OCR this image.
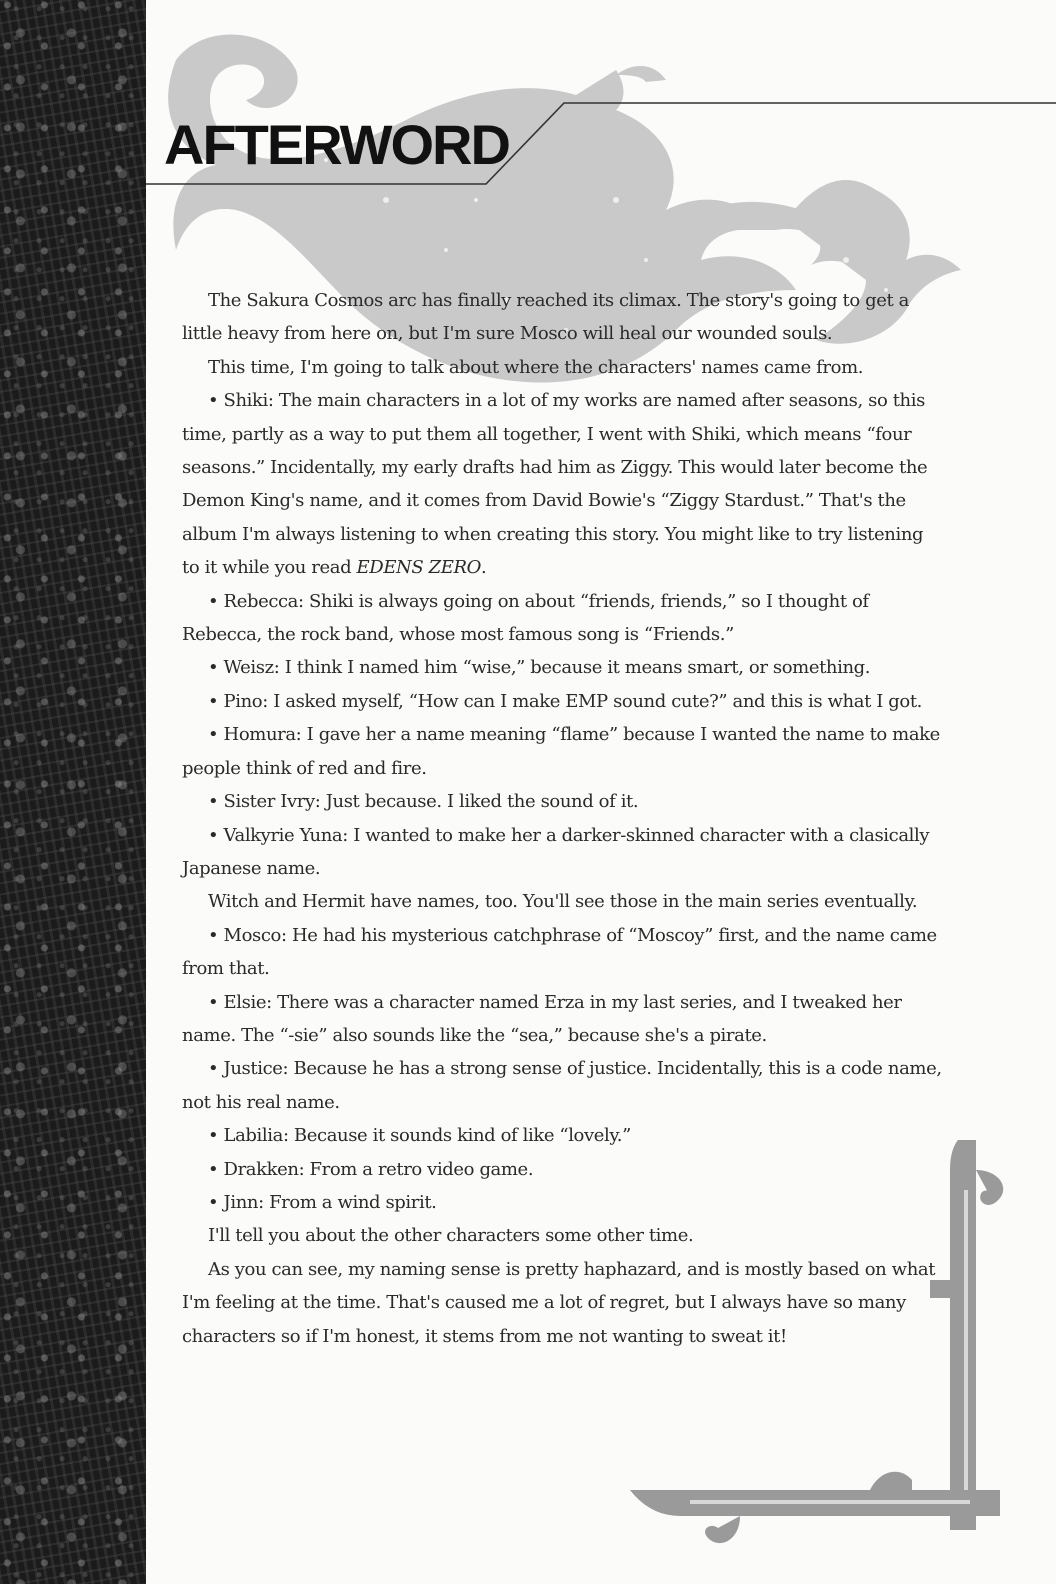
AFTERWORD

The Sakura Cosmos arc has finally reached its climax. The story's going to get a little heavy from here on, but I'm sure Mosco will heal our wounded souls.

This time, I'm going to talk about where the characters' names came from.

• Shiki: The main characters in a lot of my works are named after seasons, so this time, partly as a way to put them all together, I went with Shiki, which means “four seasons.” Incidentally, my early drafts had him as Ziggy. This would later become the Demon King's name, and it comes from David Bowie's “Ziggy Stardust.” That's the album I'm always listening to when creating this story. You might like to try listening to it while you read EDENS ZERO.

• Rebecca: Shiki is always going on about “friends, friends,” so I thought of Rebecca, the rock band, whose most famous song is “Friends.”

• Weisz: I think I named him “wise,” because it means smart, or something.

• Pino: I asked myself, “How can I make EMP sound cute?” and this is what I got.

• Homura: I gave her a name meaning “flame” because I wanted the name to make people think of red and fire.

• Sister Ivry: Just because. I liked the sound of it.

• Valkyrie Yuna: I wanted to make her a darker-skinned character with a clasically Japanese name.

Witch and Hermit have names, too. You'll see those in the main series eventually.

• Mosco: He had his mysterious catchphrase of “Moscoy” first, and the name came from that.

• Elsie: There was a character named Erza in my last series, and I tweaked her name. The “-sie” also sounds like the “sea,” because she's a pirate.

• Justice: Because he has a strong sense of justice. Incidentally, this is a code name, not his real name.

• Labilia: Because it sounds kind of like “lovely.”

• Drakken: From a retro video game.

• Jinn: From a wind spirit.

I'll tell you about the other characters some other time.

As you can see, my naming sense is pretty haphazard, and is mostly based on what I'm feeling at the time. That's caused me a lot of regret, but I always have so many characters so if I'm honest, it stems from me not wanting to sweat it!
